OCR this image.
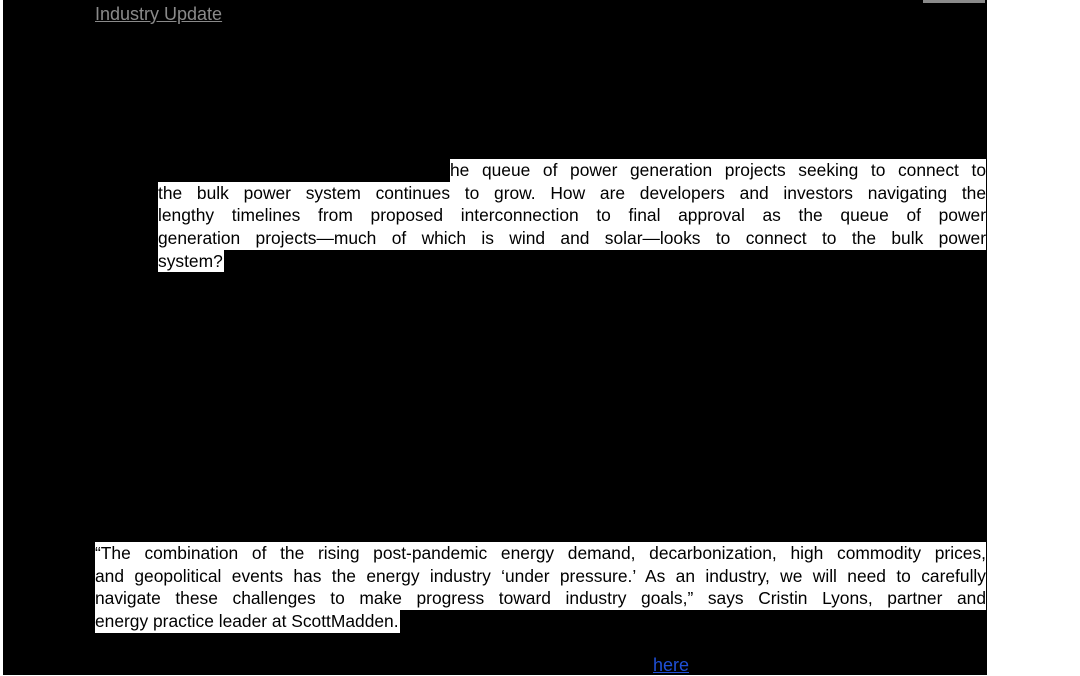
Industry Update
he queue of power generation projects seeking to connect to
the bulk power system continues to grow. How are developers and investors navigating the
lengthy timelines from proposed interconnection to final approval as the queue of power
generation projects—much of which is wind and solar—looks to connect to the bulk power
system?
“The combination of the rising post-pandemic energy demand, decarbonization, high commodity prices,
and geopolitical events has the energy industry ‘under pressure.’ As an industry, we will need to carefully
navigate these challenges to make progress toward industry goals,” says Cristin Lyons, partner and
energy practice leader at ScottMadden.
here
